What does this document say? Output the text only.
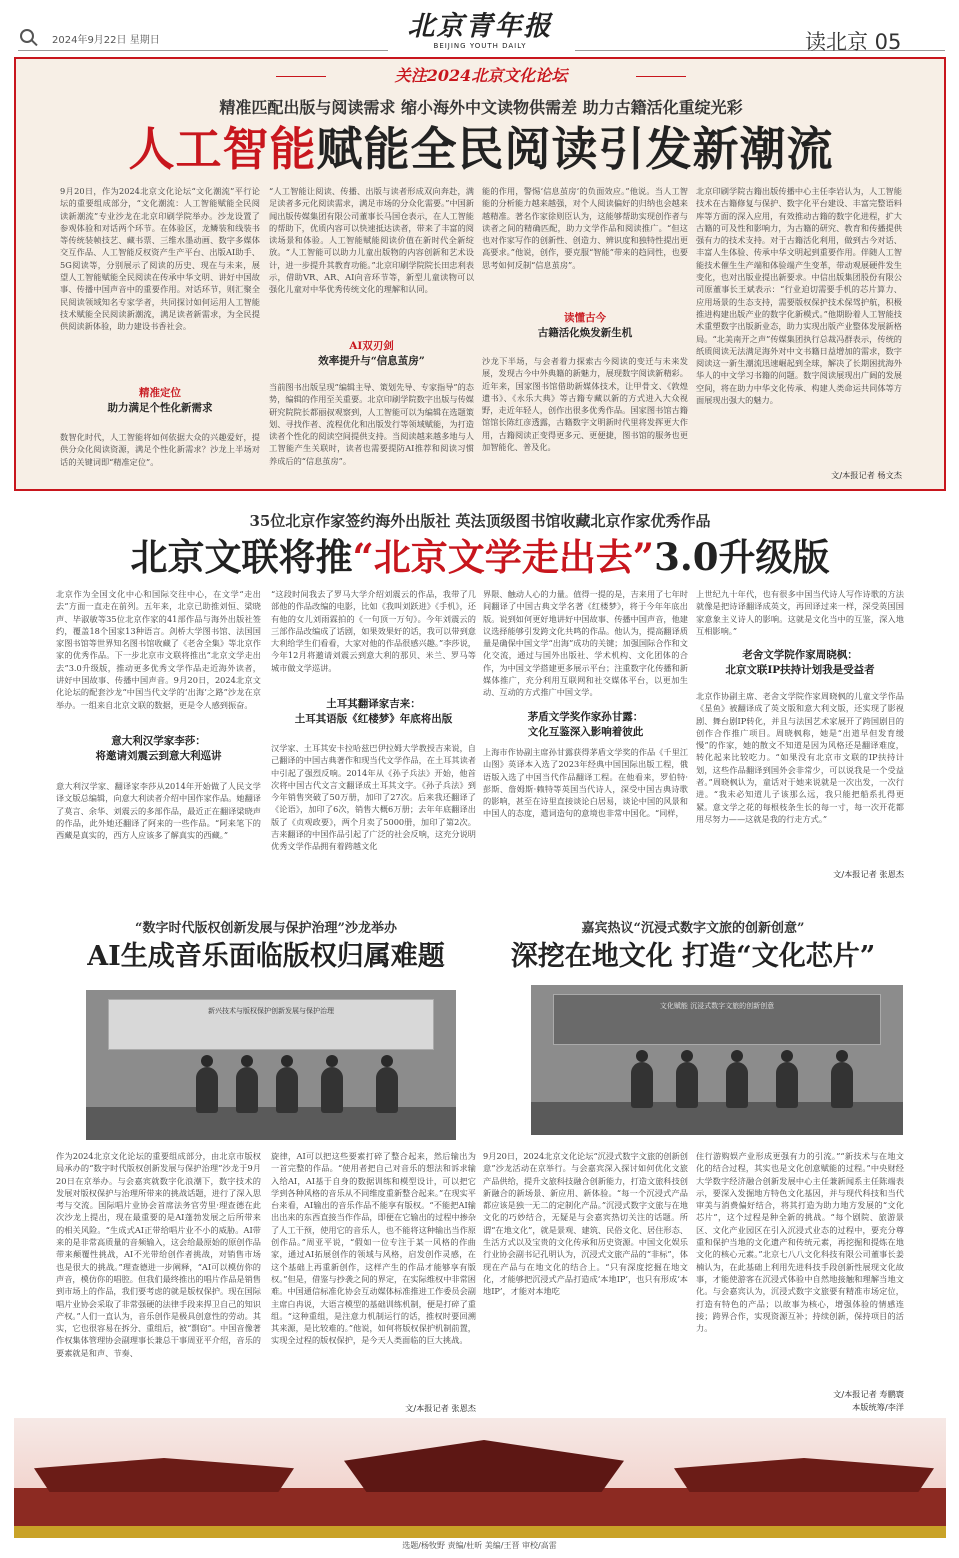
2024年9月22日 星期日	北京青年报
BEIJING YOUTH DAILY	读北京 05
关注2024北京文化论坛
精准匹配出版与阅读需求 缩小海外中文读物供需差 助力古籍活化重绽光彩
人工智能赋能全民阅读引发新潮流
9月20日，作为2024北京文化论坛“文化潮流”平行论坛的重要组成部分，“文化潮流：人工智能赋能全民阅读新潮流”专业沙龙在北京印刷学院举办。沙龙设置了参观体验和对话两个环节。在体验区，龙鳞装和线装书等传统装帧技艺、藏书票、三维水墨动画、数字多媒体交互作品、人工智能反权资产生产平台、出版AI助手、5G阅读等，分别展示了阅读的历史、现在与未来，展望人工智能赋能全民阅读在传承中华文明、讲好中国故事、传播中国声音中的重要作用。对话环节，则汇聚全民阅读领域知名专家学者，共同探讨如何运用人工智能技术赋能全民阅读新潮流，满足读者新需求，为全民提供阅读新体验，助力建设书香社会。
精准定位
助力满足个性化新需求
数智化时代，人工智能将如何依据大众的兴趣爱好，提供分众化阅读资源，满足个性化新需求？沙龙上半场对话的关键词即“精准定位”。
“人工智能让阅读、传播、出版与读者形成双向奔赴，满足读者多元化阅读需求，满足市场的分众化需要。”中国新闻出版传媒集团有限公司董事长马国仓表示，在人工智能的帮助下，优质内容可以快速抵达读者，带来了丰富的阅读场景和体验。人工智能赋能阅读价值在新时代全新绽放。“人工智能可以助力儿童出版物的内容创新和艺术设计，进一步提升其教育功能。”北京印刷学院院长田忠利表示，借助VR、AR、AI向音环节等，新型儿童读物可以强化儿童对中华优秀传统文化的理解和认同。
AI双刃剑
效率提升与“信息茧房”
当前图书出版呈现“编辑主导、策划先导、专家指导”的态势，编辑的作用至关重要。北京印刷学院数字出版与传媒研究院院长都丽叔观察到，人工智能可以为编辑在选题策划、寻找作者、流程优化和出版发行等领域赋能，为打造读者个性化的阅读空间提供支持。当阅读越来越多地与人工智能产生关联时，读者也需要提防AI推荐和阅读习惯养成后的“信息茧房”。
能的作用，警惕‘信息茧房’的负面效应。”他说。当人工智能的分析能力越来越强，对个人阅读偏好的归纳也会越来越精准。著名作家徐则臣认为，这能够帮助实现创作者与读者之间的精确匹配，助力文学作品和阅读推广。“但这也对作家写作的创新性、创造力、辨识度和独特性提出更高要求。”他说，创作，要克服“智能”带来的趋同性，也要思考如何反制“信息茧房”。
读懂古今
古籍活化焕发新生机
沙龙下半场，与会者着力探索古今阅读的变迁与未来发展，发现古今中外典籍的新魅力，展现数字阅读新精彩。近年来，国家图书馆借助新媒体技术，让甲骨文、《敦煌遗书》、《永乐大典》等古籍专藏以新的方式进入大众视野，走近年轻人，创作出很多优秀作品。国家图书馆古籍馆馆长陈红彦透露，古籍数字文明新时代里将发挥更大作用，古籍阅读正变得更多元、更便捷，图书馆的服务也更加智能化、普及化。
北京印刷学院古籍出版传播中心主任李岩认为，人工智能技术在古籍修复与保护、数字化平台建设、丰富完整语料库等方面的深入应用，有效推动古籍的数字化进程，扩大古籍的可及性和影响力，为古籍的研究、教育和传播提供强有力的技术支持。对于古籍活化利用，做到古今对话、丰富人生体验、传承中华文明起到重要作用。伴随人工智能技术催生生产端和体验端产生变革，带动观展硬件发生变化，也对出版业提出新要求。中信出版集团股份有限公司原董事长王斌表示：“行业迫切需要手机的芯片算力、应用场景的生态支持，需要版权保护技术保驾护航，积极推进构建出版产业的数字化新模式。”他期盼着人工智能技术重塑数字出版新业态，助力实现出版产业整体发展新格局。“北美南开之声”传媒集团执行总裁冯群表示，传统的纸质阅读无法满足海外对中文书籍日益增加的需求，数字阅读这一新生潮流迅速崛起到全球，解决了长期困扰海外华人的中文学习书籍的问题。数字阅读展现出广阔的发展空间，将在助力中华文化传承、构建人类命运共同体等方面展现出强大的魅力。
文/本报记者 杨文杰
35位北京作家签约海外出版社 英法顶级图书馆收藏北京作家优秀作品
北京文联将推“北京文学走出去”3.0升级版
北京作为全国文化中心和国际交往中心，在文学“走出去”方面一直走在前列。五年来，北京已助推刘恒、梁晓声、毕淑敏等35位北京作家的41部作品与海外出版社签约，覆盖18个国家13种语言。剑桥大学图书馆、法国国家图书馆等世界知名图书馆收藏了《老舍全集》等北京作家的优秀作品。下一步北京市文联将推出“北京文学走出去”3.0升级版，推动更多优秀文学作品走近海外读者，讲好中国故事、传播中国声音。9月20日，2024北京文化论坛的配套沙龙“中国当代文学的‘出海’之路”沙龙在京举办。一组来自北京文联的数据，更是令人感到振奋。
意大利汉学家李莎：
将邀请刘震云到意大利巡讲
意大利汉学家、翻译家李莎从2014年开始做了人民文学译文版总编辑，向意大利读者介绍中国作家作品。她翻译了莫言、余华、刘震云的多部作品，最近正在翻译梁晓声的作品，此外她还翻译了阿来的一些作品。“阿来笔下的西藏是真实的，西方人应该多了解真实的西藏。”
“这段时间我去了罗马大学介绍刘震云的作品，我带了几部他的作品改编的电影，比如《我叫刘跃进》《手机》，还有他的女儿刘雨霖拍的《一句顶一万句》。今年刘震云的三部作品改编成了话剧，如果效果好的话，我可以带到意大利给学生们看看，大家对他的作品很感兴趣。”李莎说，今年12月将邀请刘震云到意大利的那贝、米兰、罗马等城市做文学巡讲。
土耳其翻译家吉来：
土耳其语版《红楼梦》年底将出版
汉学家、土耳其安卡拉哈兹巴伊拉姆大学教授吉来说，自己翻译的中国古典著作和现当代文学作品，在土耳其读者中引起了强烈反响。2014年从《孙子兵法》开始，他首次将中国古代文言文翻译成土耳其文字。《孙子兵法》到今年销售突破了50万册，加印了27次。后来我还翻译了《论语》，加印了6次，销售大概6万册；去年年底翻译出版了《贞观政要》，两个月卖了5000册，加印了第2次。吉来翻译的中国作品引起了广泛的社会反响，这充分说明优秀文学作品拥有着跨越文化
界限、触动人心的力量。值得一提的是，吉来用了七年时间翻译了中国古典文学名著《红楼梦》，将于今年年底出版。说到如何更好地讲好中国故事、传播中国声音，他建议选择能够引发跨文化共鸣的作品。他认为，提高翻译质量是确保中国文学“出海”成功的关键；加强国际合作和文化交流，通过与国外出版社、学术机构、文化团体的合作，为中国文学搭建更多展示平台；注重数字化传播和新媒体推广，充分利用互联网和社交媒体平台，以更加生动、互动的方式推广中国文学。
茅盾文学奖作家孙甘露：
文化互鉴深入影响着彼此
上海市作协副主席孙甘露获得茅盾文学奖的作品《千里江山图》英译本入选了2023年经典中国国际出版工程，俄语版入选了中国当代作品翻译工程。在他看来，罗伯特·彭斯、詹姆斯·赖特等英国当代诗人，深受中国古典诗歌的影响，甚至在诗里直接谈论白居易，谈论中国的风景和中国人的态度，遣词造句的意境也非常中国化。“同样，
上世纪九十年代，也有很多中国当代诗人写作诗歌的方法就像是把诗译翻译成英文，再回译过来一样，深受英国国家意象主义诗人的影响。这就是文化当中的互鉴，深入地互相影响。”
老舍文学院作家周晓枫：
北京文联IP扶持计划我是受益者
北京作协副主席、老舍文学院作家周晓枫的儿童文学作品《星鱼》被翻译成了英文版和意大利文版，还实现了影视剧、舞台剧IP转化，并且与法国艺术家展开了跨国剧目的创作合作推广项目。周晓枫称，她是“出道早但发育缓慢”的作家，她的散文不知道是因为风格还是翻译难度，转化起来比较吃力。“如果没有北京市文联的IP扶持计划，这些作品翻译到国外会非常少，可以说我是一个受益者。”周晓枫认为，童话对于她来说就是一次出发，一次行进。“我未必知道儿子该那么远，我只能把船系扎得更紧。意文学之花的每根枝条生长的每一寸，每一次开花都用尽努力——这就是我的行走方式。”
文/本报记者 张恩杰
“数字时代版权创新发展与保护治理”沙龙举办
AI生成音乐面临版权归属难题
新兴技术与版权保护创新发展与保护治理
作为2024北京文化论坛的重要组成部分，由北京市版权局承办的“数字时代版权创新发展与保护治理”沙龙于9月20日在京举办。与会嘉宾就数字化浪潮下，数字技术的发展对版权保护与治理所带来的挑战话题，进行了深入思考与交流。国际唱片业协会首席法务官劳里·理查德在此次沙龙上提出，现在最重要的是AI蓬勃发展之后所带来的相关风险。“生成式AI正带给唱片业不小的威胁。AI带来的是非常高质量的音频输入，这会给最原始的原创作品带来颠覆性挑战，AI不光带给创作者挑战，对销售市场也是很大的挑战。”理查德进一步阐释，“AI可以模仿你的声音，模仿你的唱腔。但我们最终推出的唱片作品是销售到市场上的作品，我们要考虑的就是版权保护。现在国际唱片业协会采取了非常强硬的法律手段来捍卫自己的知识产权。”人们一直认为，音乐创作是极具创意性的劳动。其实，它也很容易在拆分、重组后，被“剽窃”。中国音像著作权集体管理协会副理事长兼总干事周亚平介绍，音乐的要素就是和声、节奏、
旋律，AI可以把这些要素打碎了整合起来，然后输出为一首完整的作品。“使用者把自己对音乐的想法和诉求输入给AI，AI基于自身的数据训练和模型设计，可以把它学到各种风格的音乐从不同维度重新整合起来。”在现实平台来看，AI输出的音乐作品不能享有版权。“不能把AI输出出来的东西直接当作作品，即便在它输出的过程中掺杂了人工干预，使用它的音乐人，也不能将这种输出当作原创作品。”周亚平说，“假如一位专注于某一风格的作曲家，通过AI拓展创作的领域与风格，启发创作灵感，在这个基础上再重新创作，这样产生的作品才能够享有版权。”但是，借鉴与抄袭之间的界定，在实际维权中非常困难。中国通信标准化协会互动媒体标准推进工作委员会副主席白冉说，大语言模型的基础训练机制，便是打碎了重组。“这种重组，是注意力机制运行的话，推权时要回溯其来源，是比较难的。”他说，如何将版权保护机制前置，实现全过程的版权保护，是今天人类面临的巨大挑战。
文/本报记者 张恩杰
嘉宾热议“沉浸式数字文旅的创新创意”
深挖在地文化 打造“文化芯片”
文化赋能 沉浸式数字文旅的创新创意
9月20日，2024北京文化论坛“沉浸式数字文旅的创新创意”沙龙活动在京举行。与会嘉宾深入探讨如何优化文旅产品供给，提升文旅科技融合创新能力，打造文旅科技创新融合的新场景、新应用、新体验。“每一个沉浸式产品都应该是独一无二的定制化产品。”沉浸式数字文旅与在地文化的巧妙结合，无疑是与会嘉宾热切关注的话题。所谓“在地文化”，就是景观、建筑、民俗文化、居住形态、生活方式以及宝贵的文化传承和历史资源。中国文化娱乐行业协会副书记孔明认为，沉浸式文旅产品的“非标”，体现在产品与在地文化的结合上。“只有深度挖掘在地文化，才能够把沉浸式产品打造成‘本地IP’，也只有形成‘本地IP’，才能对本地吃
住行游购娱产业形成更强有力的引流。”“新技术与在地文化的结合过程，其实也是文化创意赋能的过程。”中央财经大学数字经济融合创新发展中心主任兼新闻系主任陈端表示，要深入发掘地方特色文化基因，并与现代科技和当代审美与消费偏好结合，将其打造为助力地方发展的“文化芯片”，这个过程是种全新的挑战。“每个剧院、旅游景区、文化产业园区在引入沉浸式业态的过程中，要充分尊重和保护当地的文化遗产和传统元素，再挖掘和提炼在地文化的核心元素。”北京七八八文化科技有限公司董事长姜楠认为，在此基础上利用先进科技手段创新性展现文化故事，才能使游客在沉浸式体验中自然地接触和理解当地文化。与会嘉宾认为，沉浸式数字文旅要有精准市场定位，打造有特色的产品；以故事为核心，增强体验的情感连接；跨界合作，实现资源互补；持续创新，保持项目的活力。
文/本报记者 寿鹏寰
本版统筹/李洋
选题/杨牧野 责编/杜昕 美编/王晋 审校/高雷
